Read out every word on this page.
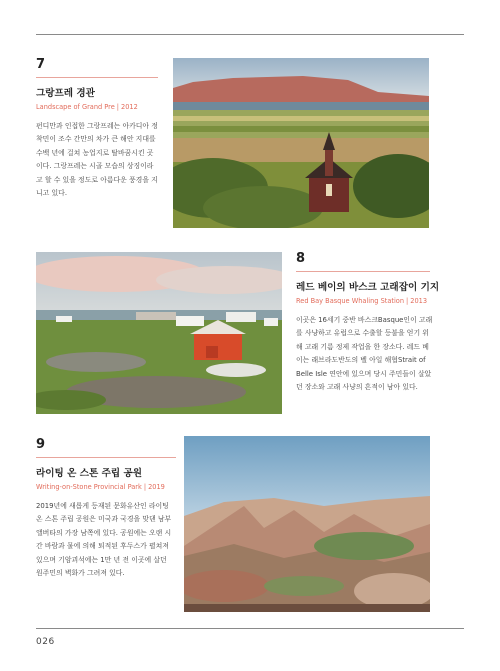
7
그랑프레 경관
Landscape of Grand Pre | 2012
펀디만과 인접한 그랑프레는 아카디아 정
착민이 조수 간만의 차가 큰 해안 지대를
수백 년에 걸쳐 농업지로 탈바꿈시킨 곳
이다. 그랑프레는 시골 모습의 상징이라
고 할 수 있을 정도로 아름다운 풍경을 지
니고 있다.
8
레드 베이의 바스크 고래잡이 기지
Red Bay Basque Whaling Station | 2013
이곳은 16세기 중반 바스크Basque인이 고래
를 사냥하고 유럽으로 수출할 등불을 얻기 위
해 고래 기름 정제 작업을 한 장소다. 레드 베
이는 래브라도반도의 벨 아일 해협Strait of
Belle Isle 연안에 있으며 당시 주민들이 살았
던 장소와 고래 사냥의 흔적이 남아 있다.
9
라이팅 온 스톤 주립 공원
Writing-on-Stone Provincial Park | 2019
2019년에 새롭게 등재된 문화유산인 라이팅
온 스톤 주립 공원은 미국과 국경을 맞댄 남부
앨버타의 가장 남쪽에 있다. 공원에는 오랜 시
간 바람과 물에 의해 퇴적된 후두스가 펼쳐져
있으며 기암괴석에는 1만 년 전 이곳에 살던
원주민의 벽화가 그려져 있다.
026
